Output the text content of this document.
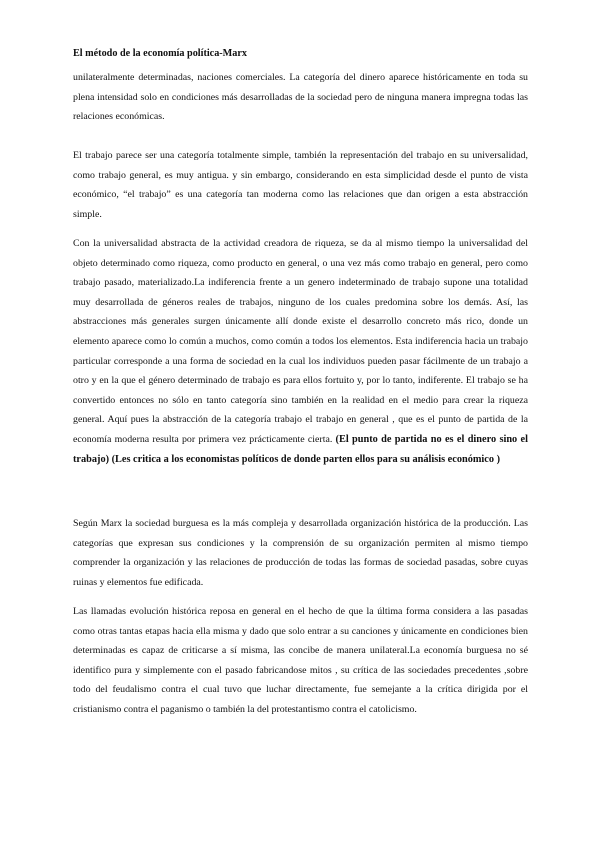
El método de la economía política-Marx

unilateralmente determinadas, naciones comerciales. La categoría del dinero aparece históricamente en toda su plena intensidad solo en condiciones más desarrolladas de la sociedad pero de ninguna manera impregna todas las relaciones económicas.

El trabajo parece ser una categoría totalmente simple, también la representación del trabajo en su universalidad, como trabajo general, es muy antigua. y sin embargo, considerando en esta simplicidad desde el punto de vista económico, “el trabajo” es una categoría tan moderna como las relaciones que dan origen a esta abstracción simple.

Con la universalidad abstracta de la actividad creadora de riqueza, se da al mismo tiempo la universalidad del objeto determinado como riqueza, como producto en general, o una vez más como trabajo en general, pero como trabajo pasado, materializado.La indiferencia frente a un genero indeterminado de trabajo supone una totalidad muy desarrollada de géneros reales de trabajos, ninguno de los cuales predomina sobre los demás. Así, las abstracciones más generales surgen únicamente allí donde existe el desarrollo concreto más rico, donde un elemento aparece como lo común a muchos, como común a todos los elementos. Esta indiferencia hacia un trabajo particular corresponde a una forma de sociedad en la cual los individuos pueden pasar fácilmente de un trabajo a otro y en la que el género determinado de trabajo es para ellos fortuito y, por lo tanto, indiferente. El trabajo se ha convertido entonces no sólo en tanto categoría sino también en la realidad en el medio para crear la riqueza general. Aquí pues la abstracción de la categoría trabajo el trabajo en general , que es el punto de partida de la economía moderna resulta por primera vez prácticamente cierta. (El punto de partida no es el dinero sino el trabajo) (Les critica a los economistas políticos de donde parten ellos para su análisis económico )

Según Marx la sociedad burguesa es la más compleja y desarrollada organización histórica de la producción. Las categorías que expresan sus condiciones y la comprensión de su organización permiten al mismo tiempo comprender la organización y las relaciones de producción de todas las formas de sociedad pasadas, sobre cuyas ruinas y elementos fue edificada.

Las llamadas evolución histórica reposa en general en el hecho de que la última forma considera a las pasadas como otras tantas etapas hacia ella misma y dado que solo entrar a su canciones y únicamente en condiciones bien determinadas es capaz de criticarse a sí misma, las concibe de manera unilateral.La economía burguesa no sé identifico pura y simplemente con el pasado fabricandose mitos , su crítica de las sociedades precedentes ,sobre todo del feudalismo contra el cual tuvo que luchar directamente, fue semejante a la crítica dirigida por el cristianismo contra el paganismo o también la del protestantismo contra el catolicismo.
